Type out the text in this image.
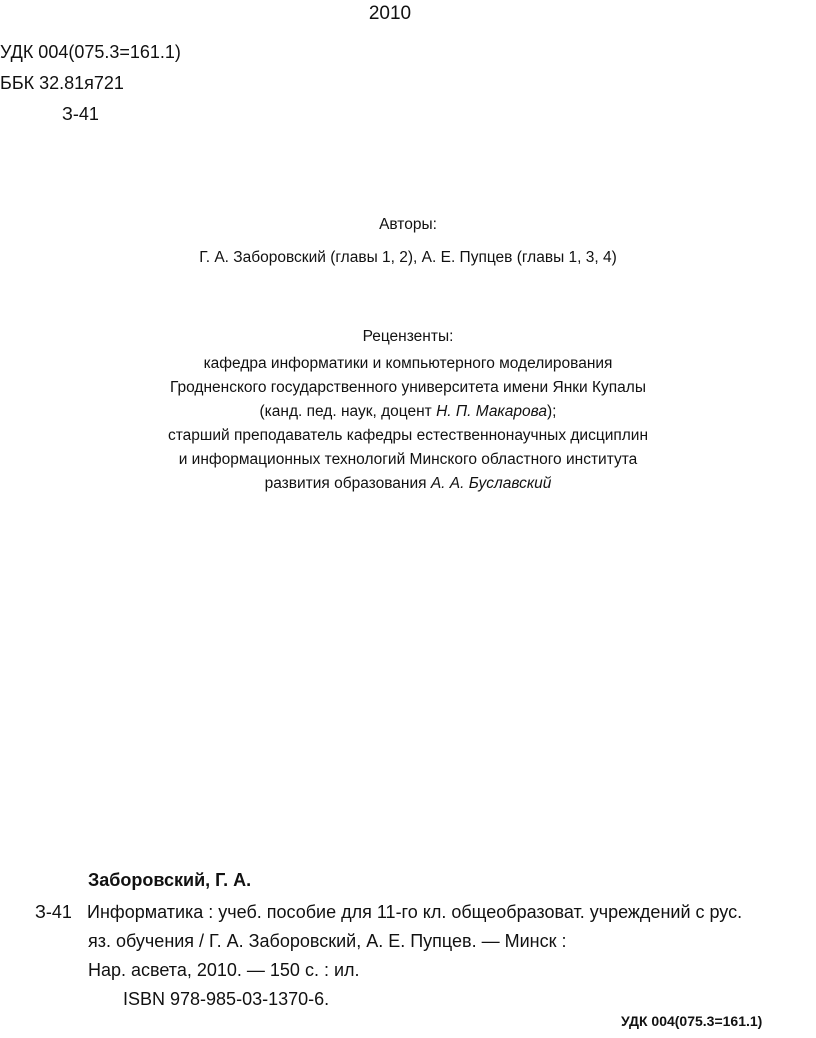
2010
УДК 004(075.3=161.1)
ББК 32.81я721
З-41
Авторы:
Г. А. Заборовский (главы 1, 2), А. Е. Пупцев (главы 1, 3, 4)
Рецензенты:
кафедра информатики и компьютерного моделирования
Гродненского государственного университета имени Янки Купалы
(канд. пед. наук, доцент Н. П. Макарова);
старший преподаватель кафедры естественнонаучных дисциплин
и информационных технологий Минского областного института
развития образования А. А. Буславский
Заборовский, Г. А.
З-41 Информатика : учеб. пособие для 11-го кл. общеобразоват. учреждений с рус.
яз. обучения / Г. А. Заборовский, А. Е. Пупцев. — Минск :
Нар. асвета, 2010. — 150 с. : ил.
ISBN 978-985-03-1370-6.
УДК 004(075.3=161.1)
